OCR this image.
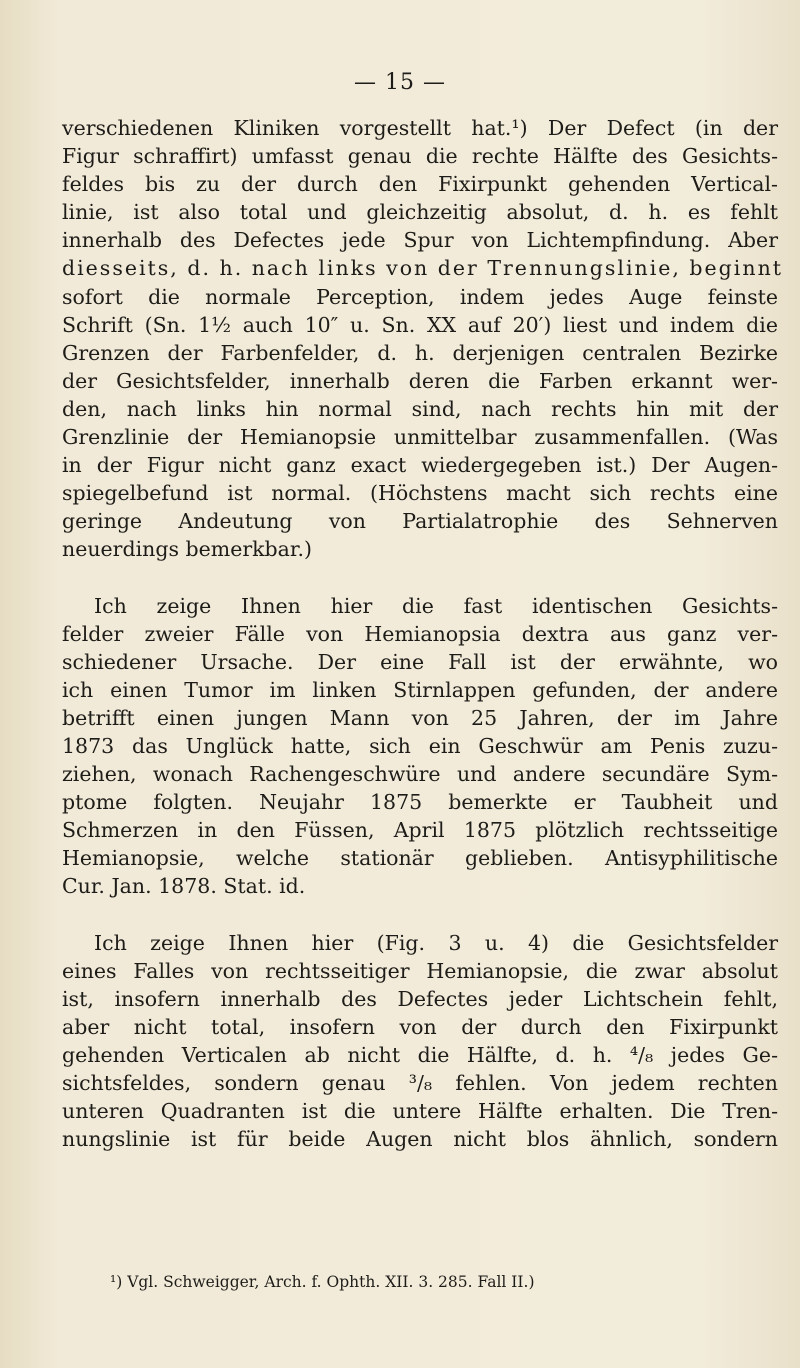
— 15 —
verschiedenen Kliniken vorgestellt hat.¹) Der Defect (in der
Figur schraffirt) umfasst genau die rechte Hälfte des Gesichts-
feldes bis zu der durch den Fixirpunkt gehenden Vertical-
linie, ist also total und gleichzeitig absolut, d. h. es fehlt
innerhalb des Defectes jede Spur von Lichtempfindung. Aber
diesseits, d. h. nach links von der Trennungslinie, beginnt
sofort die normale Perception, indem jedes Auge feinste
Schrift (Sn. 1½ auch 10″ u. Sn. XX auf 20′) liest und indem die
Grenzen der Farbenfelder, d. h. derjenigen centralen Bezirke
der Gesichtsfelder, innerhalb deren die Farben erkannt wer-
den, nach links hin normal sind, nach rechts hin mit der
Grenzlinie der Hemianopsie unmittelbar zusammenfallen. (Was
in der Figur nicht ganz exact wiedergegeben ist.) Der Augen-
spiegelbefund ist normal. (Höchstens macht sich rechts eine
geringe Andeutung von Partialatrophie des Sehnerven
neuerdings bemerkbar.)
Ich zeige Ihnen hier die fast identischen Gesichts-
felder zweier Fälle von Hemianopsia dextra aus ganz ver-
schiedener Ursache. Der eine Fall ist der erwähnte, wo
ich einen Tumor im linken Stirnlappen gefunden, der andere
betrifft einen jungen Mann von 25 Jahren, der im Jahre
1873 das Unglück hatte, sich ein Geschwür am Penis zuzu-
ziehen, wonach Rachengeschwüre und andere secundäre Sym-
ptome folgten. Neujahr 1875 bemerkte er Taubheit und
Schmerzen in den Füssen, April 1875 plötzlich rechtsseitige
Hemianopsie, welche stationär geblieben. Antisyphilitische
Cur. Jan. 1878. Stat. id.
Ich zeige Ihnen hier (Fig. 3 u. 4) die Gesichtsfelder
eines Falles von rechtsseitiger Hemianopsie, die zwar absolut
ist, insofern innerhalb des Defectes jeder Lichtschein fehlt,
aber nicht total, insofern von der durch den Fixirpunkt
gehenden Verticalen ab nicht die Hälfte, d. h. ⁴/₈ jedes Ge-
sichtsfeldes, sondern genau ³/₈ fehlen. Von jedem rechten
unteren Quadranten ist die untere Hälfte erhalten. Die Tren-
nungslinie ist für beide Augen nicht blos ähnlich, sondern
¹) Vgl. Schweigger, Arch. f. Ophth. XII. 3. 285. Fall II.)
